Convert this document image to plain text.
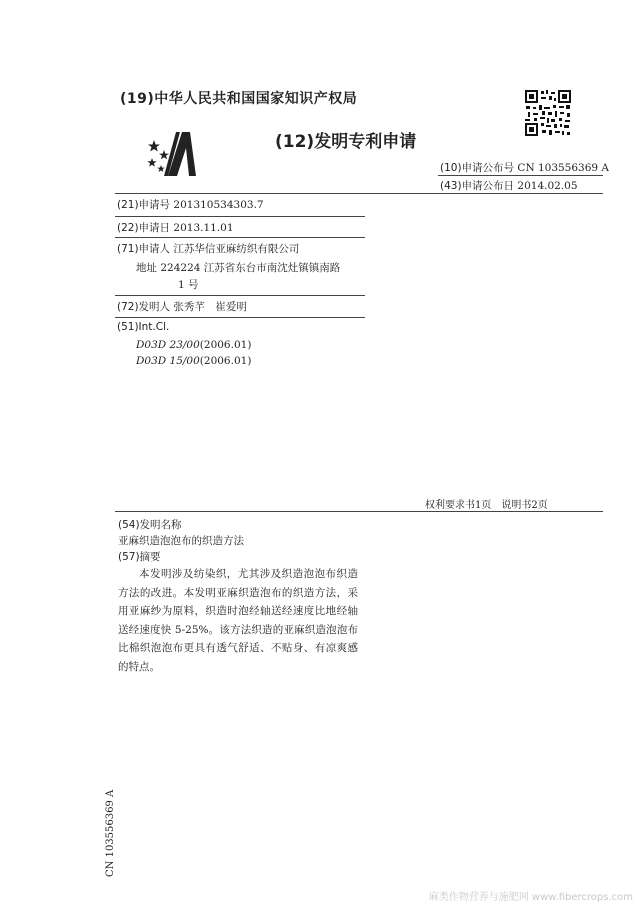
(19)中华人民共和国国家知识产权局
(12)发明专利申请
(10)申请公布号 CN 103556369 A
(43)申请公布日 2014.02.05
(21)申请号 201310534303.7
(22)申请日 2013.11.01
(71)申请人 江苏华信亚麻纺织有限公司
地址 224224 江苏省东台市南沈灶镇镇南路
1 号
(72)发明人 张秀芊　崔爱明
(51)Int.Cl.
D03D 23/00(2006.01)
D03D 15/00(2006.01)
权利要求书1页　说明书2页
(54)发明名称
亚麻织造泡泡布的织造方法
(57)摘要
本发明涉及纺染织，尤其涉及织造泡泡布织造方法的改进。本发明亚麻织造泡布的织造方法，采用亚麻纱为原料，织造时泡经轴送经速度比地经轴送经速度快 5-25%。该方法织造的亚麻织造泡泡布比棉织泡泡布更具有透气舒适、不贴身、有凉爽感的特点。
CN 103556369 A
麻类作物营养与施肥网 www.fibercrops.com
